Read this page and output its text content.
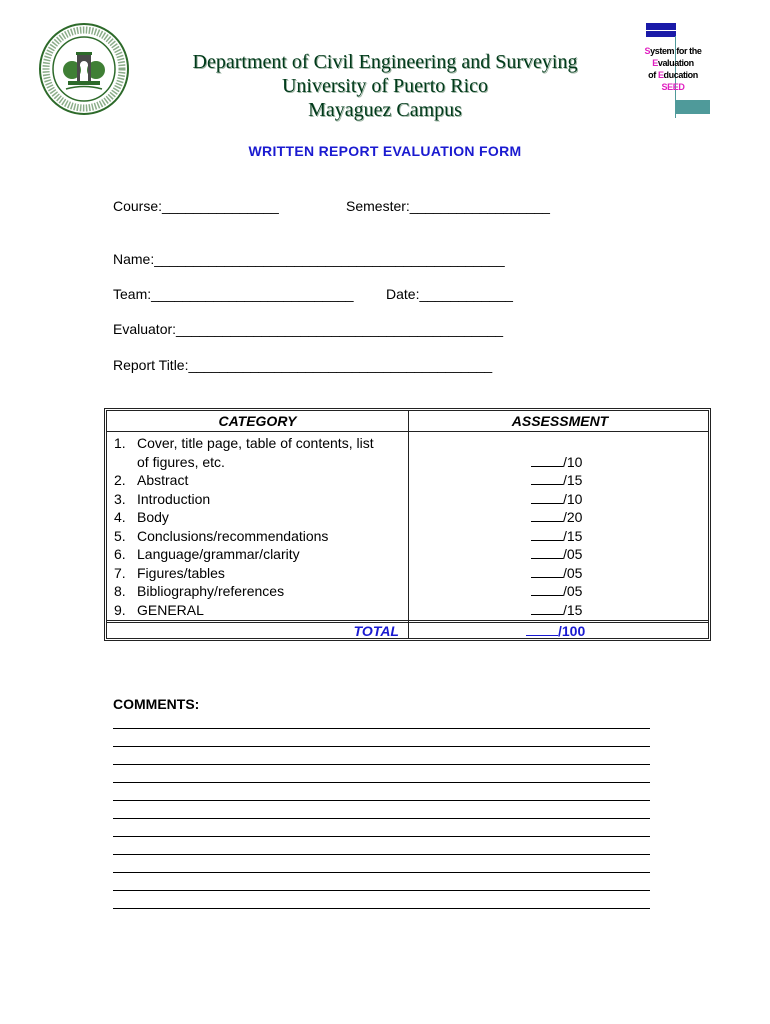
Department of Civil Engineering and Surveying
University of Puerto Rico
Mayaguez Campus
System for the
Evaluation
of Education
SEED
WRITTEN REPORT EVALUATION FORM
Course:_______________	Semester:__________________
Name:_____________________________________________
Team:__________________________ Date:____________
Evaluator:__________________________________________
Report Title:_______________________________________
CATEGORY	ASSESSMENT
1. Cover, title page, table of contents, list
of figures, etc.	/10
2. Abstract	/15
3. Introduction	/10
4. Body	/20
5. Conclusions/recommendations	/15
6. Language/grammar/clarity	/05
7. Figures/tables	/05
8. Bibliography/references	/05
9. GENERAL	/15
TOTAL	/100
COMMENTS:
